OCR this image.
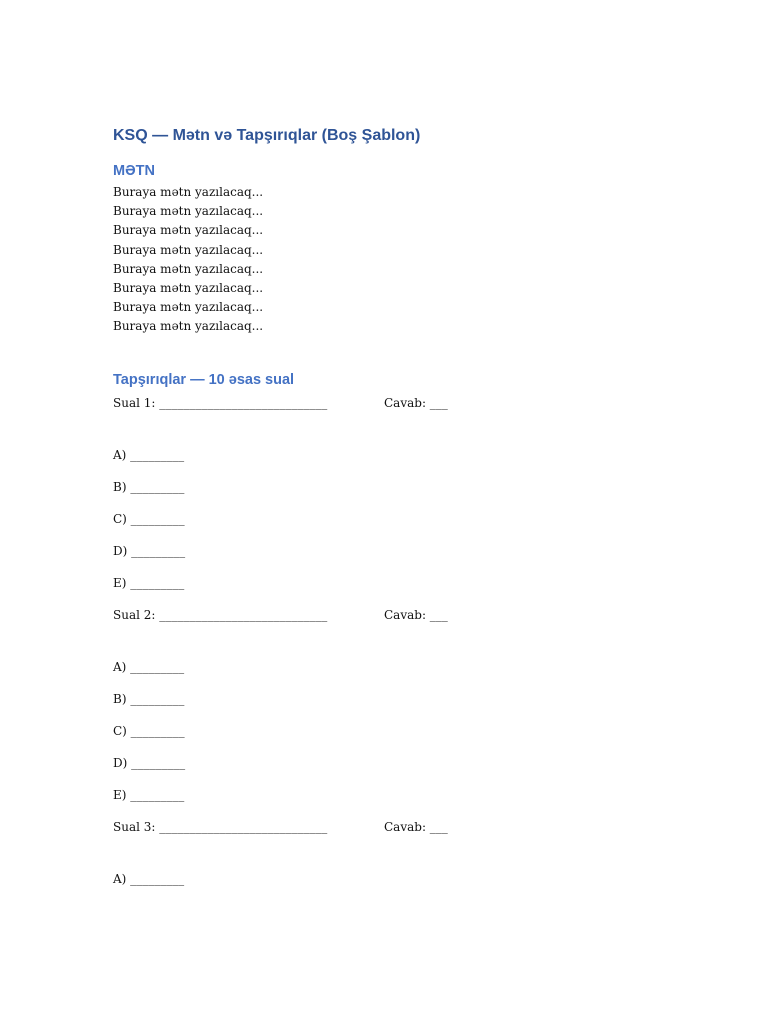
KSQ — Mətn və Tapşırıqlar (Boş Şablon)
MƏTN
Buraya mətn yazılacaq...
Buraya mətn yazılacaq...
Buraya mətn yazılacaq...
Buraya mətn yazılacaq...
Buraya mətn yazılacaq...
Buraya mətn yazılacaq...
Buraya mətn yazılacaq...
Buraya mətn yazılacaq...
Tapşırıqlar — 10 əsas sual
Sual 1: ____________________________	Cavab: ___
A) _________
B) _________
C) _________
D) _________
E) _________
Sual 2: ____________________________	Cavab: ___
A) _________
B) _________
C) _________
D) _________
E) _________
Sual 3: ____________________________	Cavab: ___
A) _________
